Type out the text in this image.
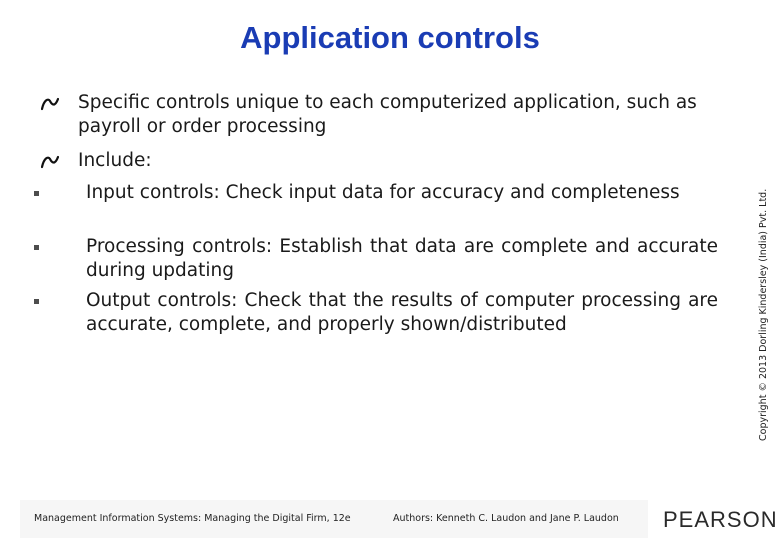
Application controls
Specific controls unique to each computerized application, such as payroll or order processing
Include:
Input controls: Check input data for accuracy and completeness
Processing controls: Establish that data are complete and accurate during updating
Output controls: Check that the results of computer processing are accurate, complete, and properly shown/distributed	Copyright © 2013 Dorling Kindersley (India) Pvt. Ltd.
Management Information Systems: Managing the Digital Firm, 12e	Authors: Kenneth C. Laudon and Jane P. Laudon PEARSON
